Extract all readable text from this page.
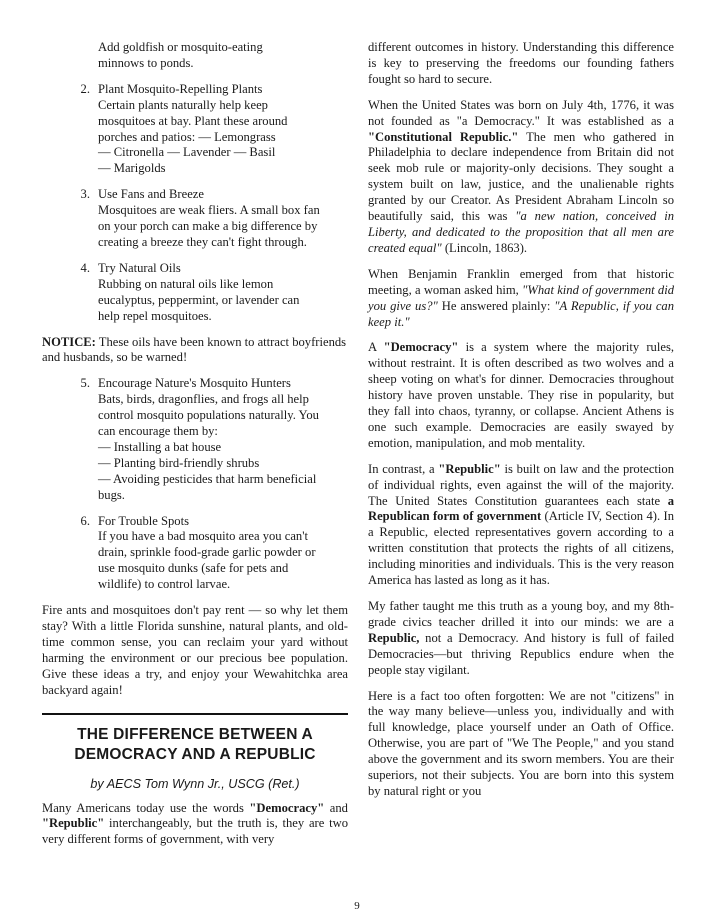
Add goldfish or mosquito-eating
minnows to ponds.

2. Plant Mosquito-Repelling Plants
Certain plants naturally help keep
mosquitoes at bay. Plant these around
porches and patios: — Lemongrass
— Citronella — Lavender — Basil
— Marigolds
3. Use Fans and Breeze
Mosquitoes are weak fliers. A small box fan
on your porch can make a big difference by
creating a breeze they can't fight through.
4. Try Natural Oils
Rubbing on natural oils like lemon
eucalyptus, peppermint, or lavender can
help repel mosquitoes.

NOTICE: These oils have been known to attract boyfriends and husbands, so be warned!

5. Encourage Nature's Mosquito Hunters
Bats, birds, dragonflies, and frogs all help
control mosquito populations naturally. You
can encourage them by:
— Installing a bat house
— Planting bird-friendly shrubs
— Avoiding pesticides that harm beneficial
bugs.
6. For Trouble Spots
If you have a bad mosquito area you can't
drain, sprinkle food-grade garlic powder or
use mosquito dunks (safe for pets and
wildlife) to control larvae.

Fire ants and mosquitoes don't pay rent — so why let them stay? With a little Florida sunshine, natural plants, and old-time common sense, you can reclaim your yard without harming the environment or our precious bee population. Give these ideas a try, and enjoy your Wewahitchka area backyard again!

THE DIFFERENCE BETWEEN A
DEMOCRACY AND A REPUBLIC
by AECS Tom Wynn Jr., USCG (Ret.)

Many Americans today use the words "Democracy" and "Republic" interchangeably, but the truth is, they are two very different forms of government, with very

different outcomes in history. Understanding this difference is key to preserving the freedoms our founding fathers fought so hard to secure.

When the United States was born on July 4th, 1776, it was not founded as "a Democracy." It was established as a "Constitutional Republic." The men who gathered in Philadelphia to declare independence from Britain did not seek mob rule or majority-only decisions. They sought a system built on law, justice, and the unalienable rights granted by our Creator. As President Abraham Lincoln so beautifully said, this was "a new nation, conceived in Liberty, and dedicated to the proposition that all men are created equal" (Lincoln, 1863).

When Benjamin Franklin emerged from that historic meeting, a woman asked him, "What kind of government did you give us?" He answered plainly: "A Republic, if you can keep it."

A "Democracy" is a system where the majority rules, without restraint. It is often described as two wolves and a sheep voting on what's for dinner. Democracies throughout history have proven unstable. They rise in popularity, but they fall into chaos, tyranny, or collapse. Ancient Athens is one such example. Democracies are easily swayed by emotion, manipulation, and mob mentality.

In contrast, a "Republic" is built on law and the protection of individual rights, even against the will of the majority. The United States Constitution guarantees each state a Republican form of government (Article IV, Section 4). In a Republic, elected representatives govern according to a written constitution that protects the rights of all citizens, including minorities and individuals. This is the very reason America has lasted as long as it has.

My father taught me this truth as a young boy, and my 8th-grade civics teacher drilled it into our minds: we are a Republic, not a Democracy. And history is full of failed Democracies—but thriving Republics endure when the people stay vigilant.

Here is a fact too often forgotten: We are not "citizens" in the way many believe—unless you, individually and with full knowledge, place yourself under an Oath of Office. Otherwise, you are part of "We The People," and you stand above the government and its sworn members. You are their superiors, not their subjects. You are born into this system by natural right or you

9
